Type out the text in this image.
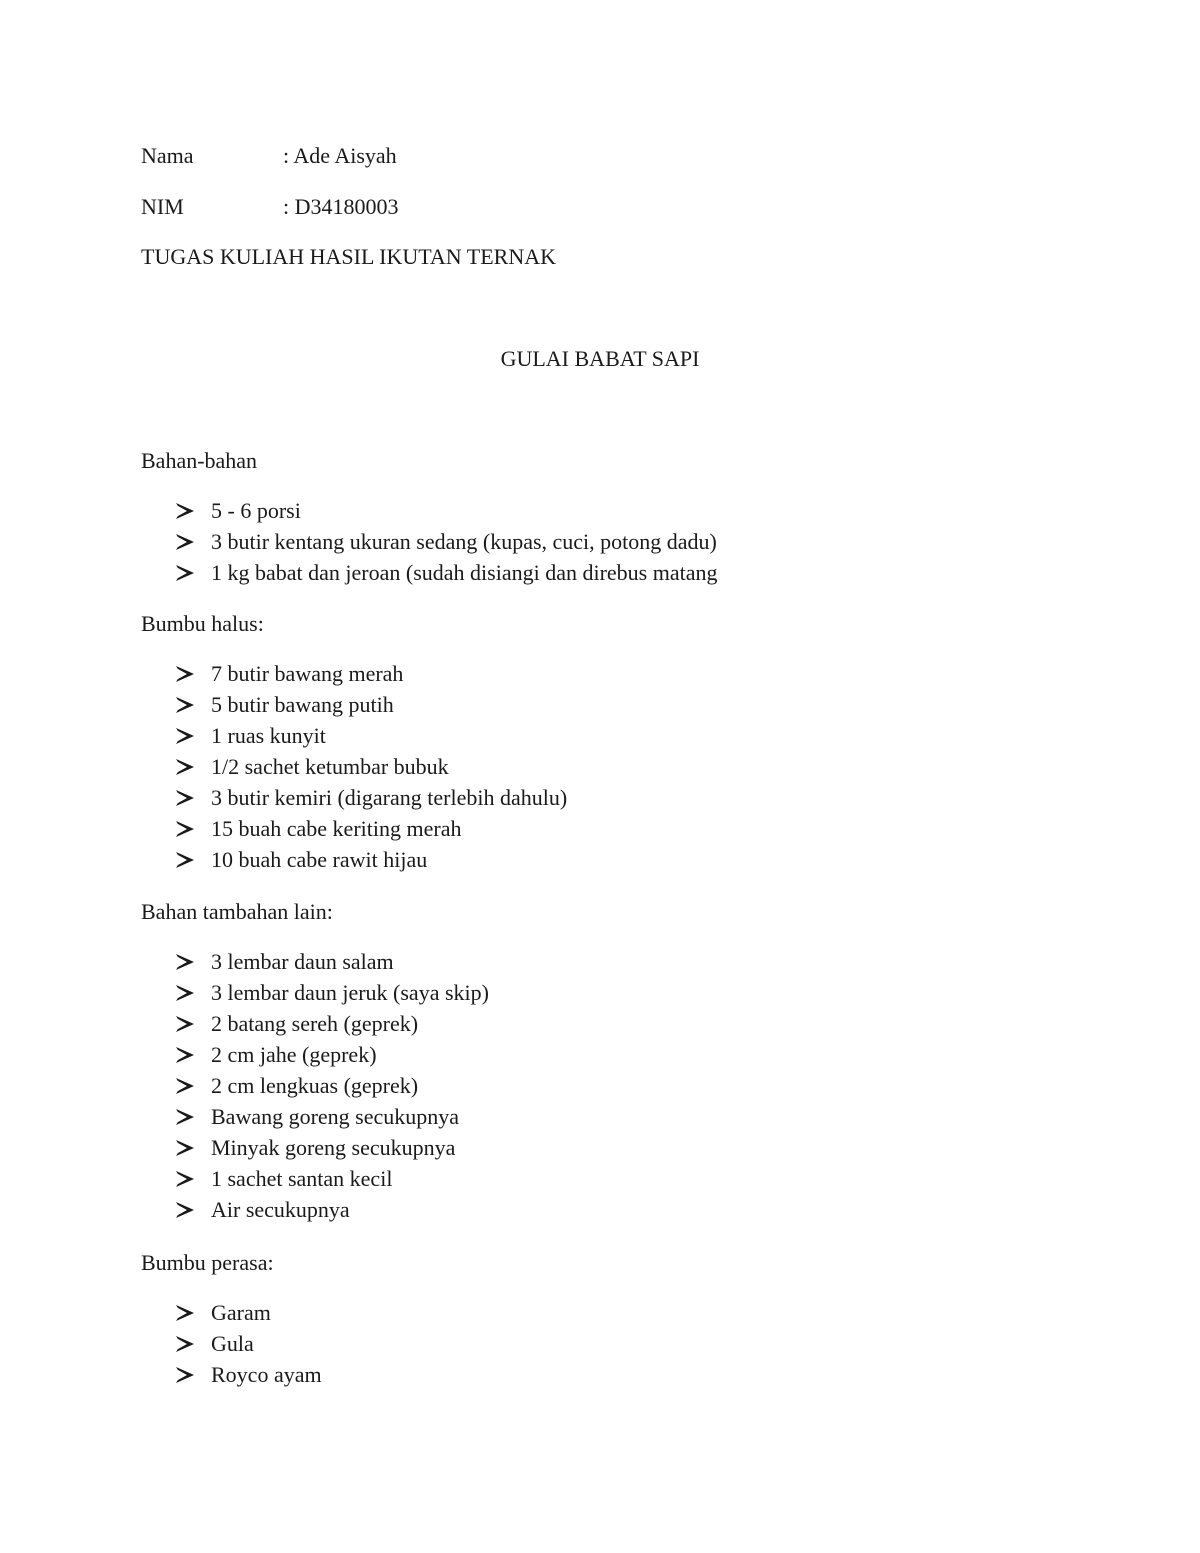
Nama	: Ade Aisyah
NIM	: D34180003
TUGAS KULIAH HASIL IKUTAN TERNAK
GULAI BABAT SAPI
Bahan-bahan
5 - 6 porsi
3 butir kentang ukuran sedang (kupas, cuci, potong dadu)
1 kg babat dan jeroan (sudah disiangi dan direbus matang
Bumbu halus:
7 butir bawang merah
5 butir bawang putih
1 ruas kunyit
1/2 sachet ketumbar bubuk
3 butir kemiri (digarang terlebih dahulu)
15 buah cabe keriting merah
10 buah cabe rawit hijau
Bahan tambahan lain:
3 lembar daun salam
3 lembar daun jeruk (saya skip)
2 batang sereh (geprek)
2 cm jahe (geprek)
2 cm lengkuas (geprek)
Bawang goreng secukupnya
Minyak goreng secukupnya
1 sachet santan kecil
Air secukupnya
Bumbu perasa:
Garam
Gula
Royco ayam
